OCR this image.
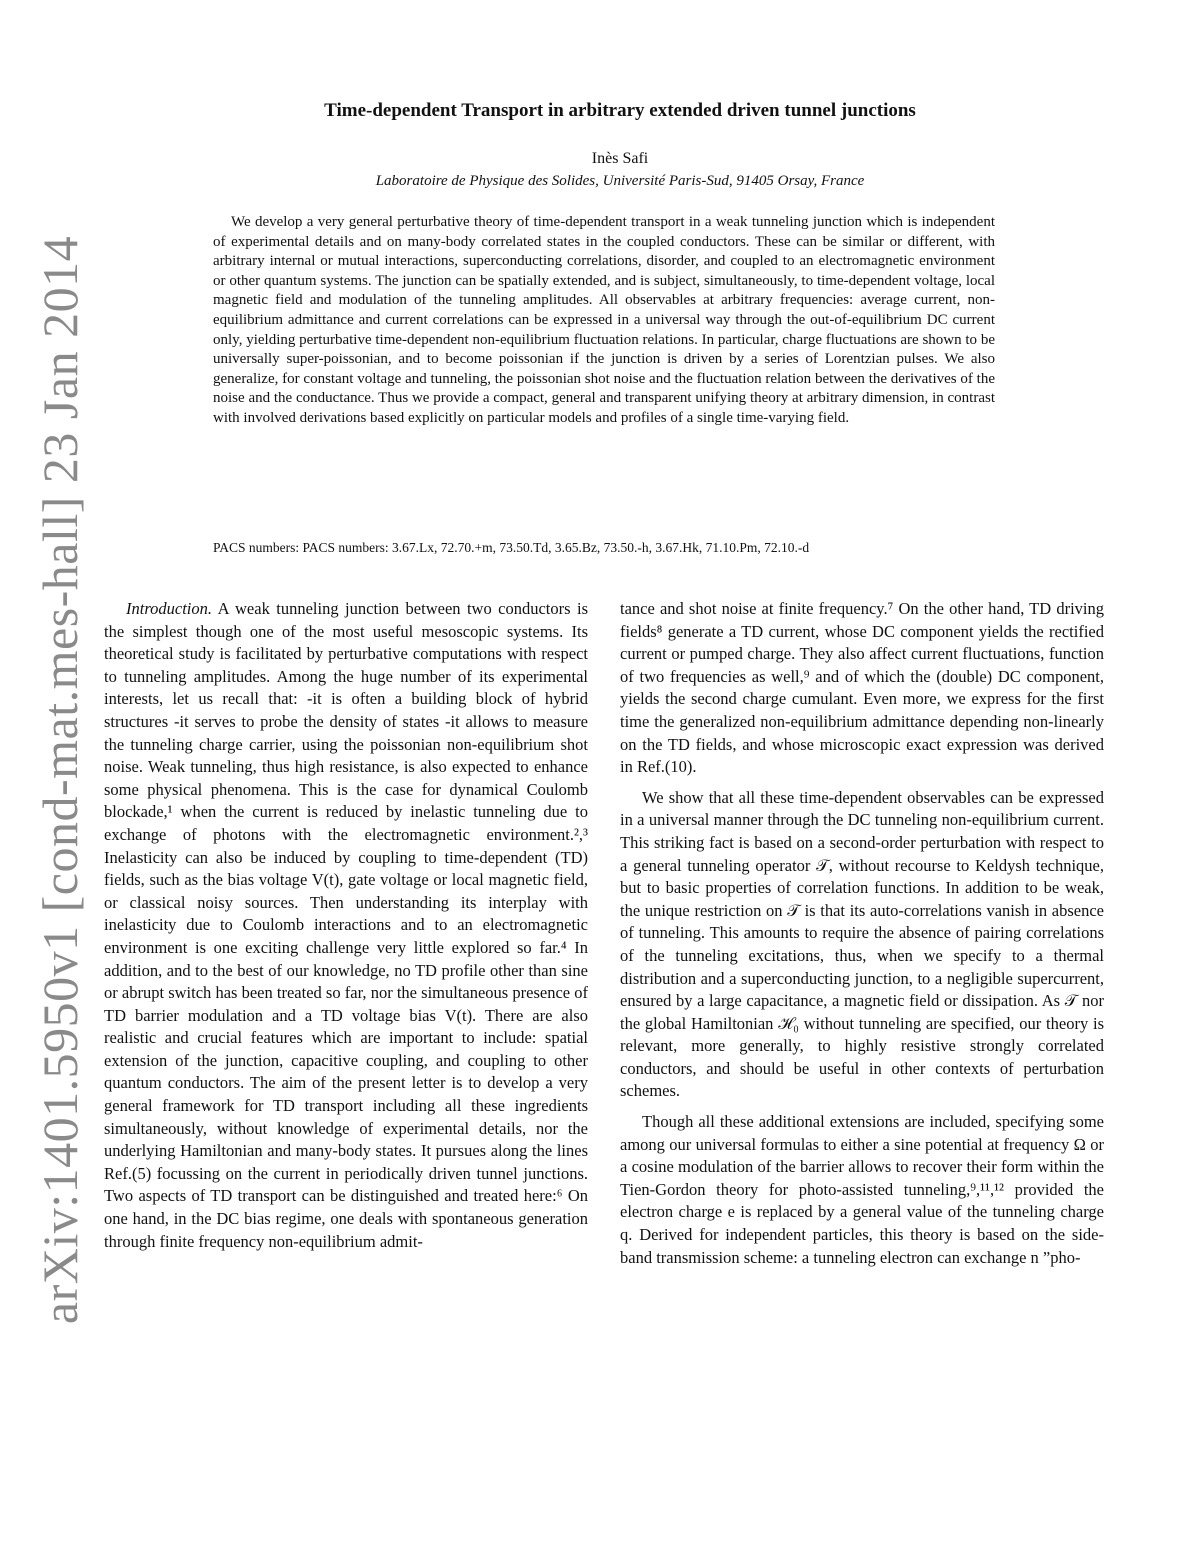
arXiv:1401.5950v1 [cond-mat.mes-hall] 23 Jan 2014
Time-dependent Transport in arbitrary extended driven tunnel junctions
Inès Safi
Laboratoire de Physique des Solides, Université Paris-Sud, 91405 Orsay, France

We develop a very general perturbative theory of time-dependent transport in a weak tunneling junction which is independent of experimental details and on many-body correlated states in the coupled conductors. These can be similar or different, with arbitrary internal or mutual interactions, superconducting correlations, disorder, and coupled to an electromagnetic environment or other quantum systems. The junction can be spatially extended, and is subject, simultaneously, to time-dependent voltage, local magnetic field and modulation of the tunneling amplitudes. All observables at arbitrary frequencies: average current, non-equilibrium admittance and current correlations can be expressed in a universal way through the out-of-equilibrium DC current only, yielding perturbative time-dependent non-equilibrium fluctuation relations. In particular, charge fluctuations are shown to be universally super-poissonian, and to become poissonian if the junction is driven by a series of Lorentzian pulses. We also generalize, for constant voltage and tunneling, the poissonian shot noise and the fluctuation relation between the derivatives of the noise and the conductance. Thus we provide a compact, general and transparent unifying theory at arbitrary dimension, in contrast with involved derivations based explicitly on particular models and profiles of a single time-varying field.

PACS numbers: PACS numbers: 3.67.Lx, 72.70.+m, 73.50.Td, 3.65.Bz, 73.50.-h, 3.67.Hk, 71.10.Pm, 72.10.-d

Introduction. A weak tunneling junction between two conductors is the simplest though one of the most useful mesoscopic systems. Its theoretical study is facilitated by perturbative computations with respect to tunneling amplitudes. Among the huge number of its experimental interests, let us recall that: -it is often a building block of hybrid structures -it serves to probe the density of states -it allows to measure the tunneling charge carrier, using the poissonian non-equilibrium shot noise. Weak tunneling, thus high resistance, is also expected to enhance some physical phenomena. This is the case for dynamical Coulomb blockade,¹ when the current is reduced by inelastic tunneling due to exchange of photons with the electromagnetic environment.²,³ Inelasticity can also be induced by coupling to time-dependent (TD) fields, such as the bias voltage V(t), gate voltage or local magnetic field, or classical noisy sources. Then understanding its interplay with inelasticity due to Coulomb interactions and to an electromagnetic environment is one exciting challenge very little explored so far.⁴ In addition, and to the best of our knowledge, no TD profile other than sine or abrupt switch has been treated so far, nor the simultaneous presence of TD barrier modulation and a TD voltage bias V(t). There are also realistic and crucial features which are important to include: spatial extension of the junction, capacitive coupling, and coupling to other quantum conductors. The aim of the present letter is to develop a very general framework for TD transport including all these ingredients simultaneously, without knowledge of experimental details, nor the underlying Hamiltonian and many-body states. It pursues along the lines Ref.(5) focussing on the current in periodically driven tunnel junctions. Two aspects of TD transport can be distinguished and treated here:⁶ On one hand, in the DC bias regime, one deals with spontaneous generation through finite frequency non-equilibrium admit-

tance and shot noise at finite frequency.⁷ On the other hand, TD driving fields⁸ generate a TD current, whose DC component yields the rectified current or pumped charge. They also affect current fluctuations, function of two frequencies as well,⁹ and of which the (double) DC component, yields the second charge cumulant. Even more, we express for the first time the generalized non-equilibrium admittance depending non-linearly on the TD fields, and whose microscopic exact expression was derived in Ref.(10).

We show that all these time-dependent observables can be expressed in a universal manner through the DC tunneling non-equilibrium current. This striking fact is based on a second-order perturbation with respect to a general tunneling operator 𝒯, without recourse to Keldysh technique, but to basic properties of correlation functions. In addition to be weak, the unique restriction on 𝒯 is that its auto-correlations vanish in absence of tunneling. This amounts to require the absence of pairing correlations of the tunneling excitations, thus, when we specify to a thermal distribution and a superconducting junction, to a negligible supercurrent, ensured by a large capacitance, a magnetic field or dissipation. As 𝒯 nor the global Hamiltonian ℋ₀ without tunneling are specified, our theory is relevant, more generally, to highly resistive strongly correlated conductors, and should be useful in other contexts of perturbation schemes.

Though all these additional extensions are included, specifying some among our universal formulas to either a sine potential at frequency Ω or a cosine modulation of the barrier allows to recover their form within the Tien-Gordon theory for photo-assisted tunneling,⁹,¹¹,¹² provided the electron charge e is replaced by a general value of the tunneling charge q. Derived for independent particles, this theory is based on the side-band transmission scheme: a tunneling electron can exchange n ”pho-
